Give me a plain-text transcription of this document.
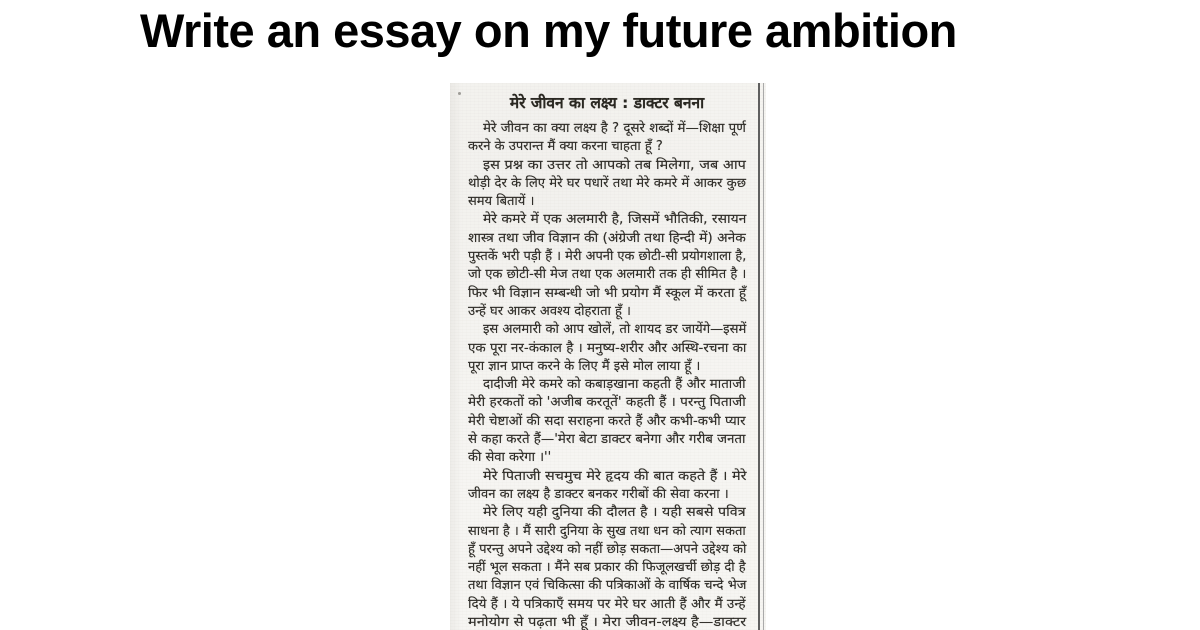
Write an essay on my future ambition
मेरे जीवन का लक्ष्य : डाक्टर बनना
मेरे जीवन का क्या लक्ष्य है ? दूसरे शब्दों में—शिक्षा पूर्ण
करने के उपरान्त मैं क्या करना चाहता हूँ ?
इस प्रश्न का उत्तर तो आपको तब मिलेगा, जब आप
थोड़ी देर के लिए मेरे घर पधारें तथा मेरे कमरे में आकर कुछ
समय बितायें ।
मेरे कमरे में एक अलमारी है, जिसमें भौतिकी, रसायन
शास्त्र तथा जीव विज्ञान की (अंग्रेजी तथा हिन्दी में) अनेक
पुस्तकें भरी पड़ी हैं । मेरी अपनी एक छोटी-सी प्रयोगशाला है,
जो एक छोटी-सी मेज तथा एक अलमारी तक ही सीमित है ।
फिर भी विज्ञान सम्बन्धी जो भी प्रयोग मैं स्कूल में करता हूँ
उन्हें घर आकर अवश्य दोहराता हूँ ।
इस अलमारी को आप खोलें, तो शायद डर जायेंगे—इसमें
एक पूरा नर-कंकाल है । मनुष्य-शरीर और अस्थि-रचना का
पूरा ज्ञान प्राप्त करने के लिए मैं इसे मोल लाया हूँ ।
दादीजी मेरे कमरे को कबाड़खाना कहती हैं और माताजी
मेरी हरकतों को 'अजीब करतूतें' कहती हैं । परन्तु पिताजी
मेरी चेष्टाओं की सदा सराहना करते हैं और कभी-कभी प्यार
से कहा करते हैं—'मेरा बेटा डाक्टर बनेगा और गरीब जनता
की सेवा करेगा ।''
मेरे पिताजी सचमुच मेरे हृदय की बात कहते हैं । मेरे
जीवन का लक्ष्य है डाक्टर बनकर गरीबों की सेवा करना ।
मेरे लिए यही दुनिया की दौलत है । यही सबसे पवित्र
साधना है । मैं सारी दुनिया के सुख तथा धन को त्याग सकता
हूँ परन्तु अपने उद्देश्य को नहीं छोड़ सकता—अपने उद्देश्य को
नहीं भूल सकता । मैंने सब प्रकार की फिजूलखर्ची छोड़ दी है
तथा विज्ञान एवं चिकित्सा की पत्रिकाओं के वार्षिक चन्दे भेज
दिये हैं । ये पत्रिकाएँ समय पर मेरे घर आती हैं और मैं उन्हें
मनोयोग से पढ़ता भी हूँ । मेरा जीवन-लक्ष्य है—डाक्टर
